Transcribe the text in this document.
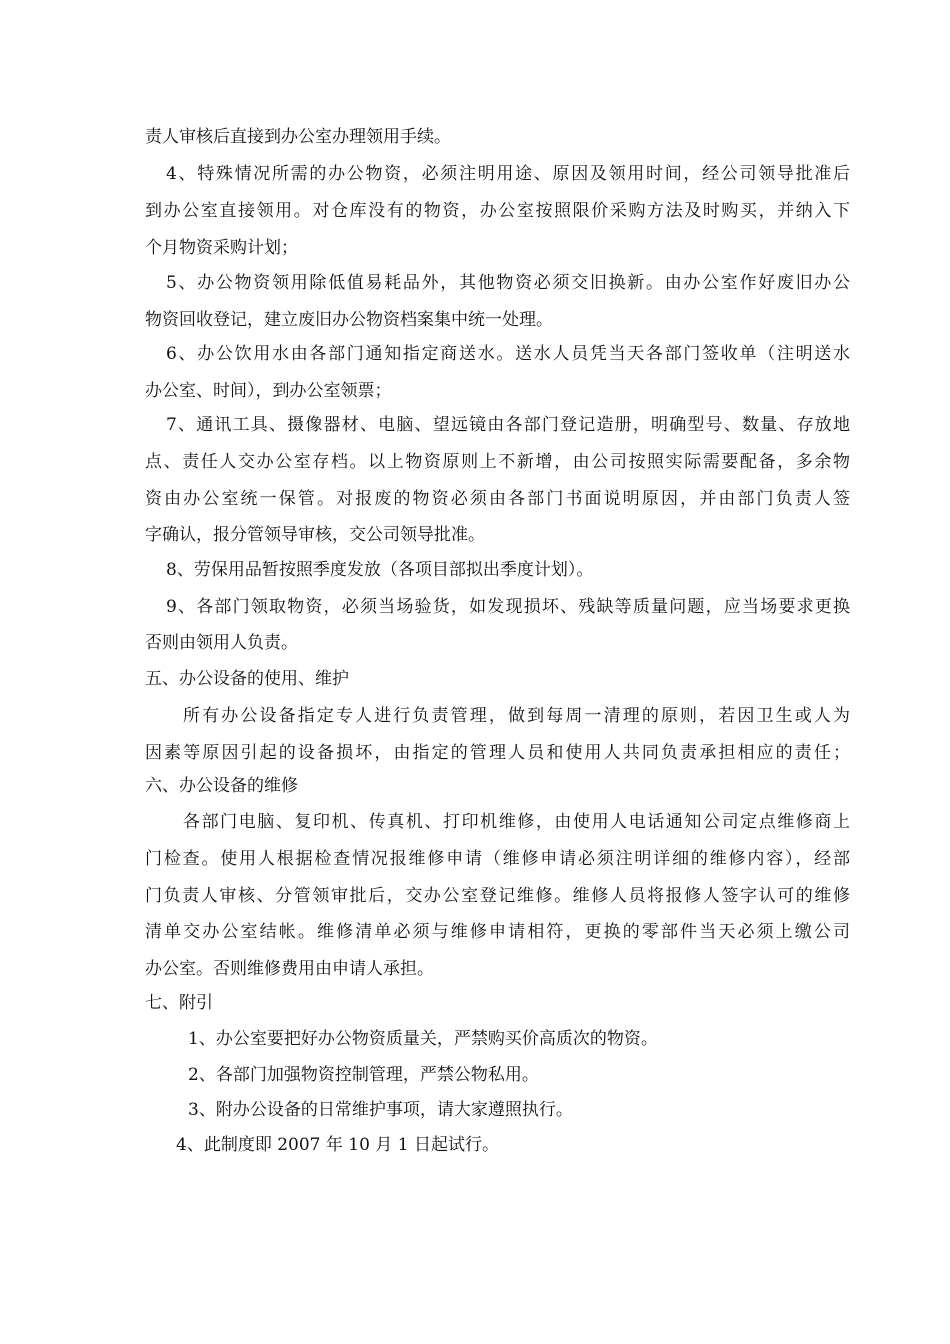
责人审核后直接到办公室办理领用手续。
4、特殊情况所需的办公物资，必须注明用途、原因及领用时间，经公司领导批准后
到办公室直接领用。对仓库没有的物资，办公室按照限价采购方法及时购买，并纳入下
个月物资采购计划；
5、办公物资领用除低值易耗品外，其他物资必须交旧换新。由办公室作好废旧办公
物资回收登记，建立废旧办公物资档案集中统一处理。
6、办公饮用水由各部门通知指定商送水。送水人员凭当天各部门签收单（注明送水
办公室、时间），到办公室领票；
7、通讯工具、摄像器材、电脑、望远镜由各部门登记造册，明确型号、数量、存放地
点、责任人交办公室存档。以上物资原则上不新增，由公司按照实际需要配备，多余物
资由办公室统一保管。对报废的物资必须由各部门书面说明原因，并由部门负责人签
字确认，报分管领导审核，交公司领导批准。
8、劳保用品暂按照季度发放（各项目部拟出季度计划）。
9、各部门领取物资，必须当场验货，如发现损坏、残缺等质量问题，应当场要求更换
否则由领用人负责。
五、办公设备的使用、维护
所有办公设备指定专人进行负责管理，做到每周一清理的原则，若因卫生或人为
因素等原因引起的设备损坏，由指定的管理人员和使用人共同负责承担相应的责任；
六、办公设备的维修
各部门电脑、复印机、传真机、打印机维修，由使用人电话通知公司定点维修商上
门检查。使用人根据检查情况报维修申请（维修申请必须注明详细的维修内容），经部
门负责人审核、分管领审批后，交办公室登记维修。维修人员将报修人签字认可的维修
清单交办公室结帐。维修清单必须与维修申请相符，更换的零部件当天必须上缴公司
办公室。否则维修费用由申请人承担。
七、附引
1、办公室要把好办公物资质量关，严禁购买价高质次的物资。
2、各部门加强物资控制管理，严禁公物私用。
3、附办公设备的日常维护事项，请大家遵照执行。
4、此制度即 2007 年 10 月 1 日起试行。
